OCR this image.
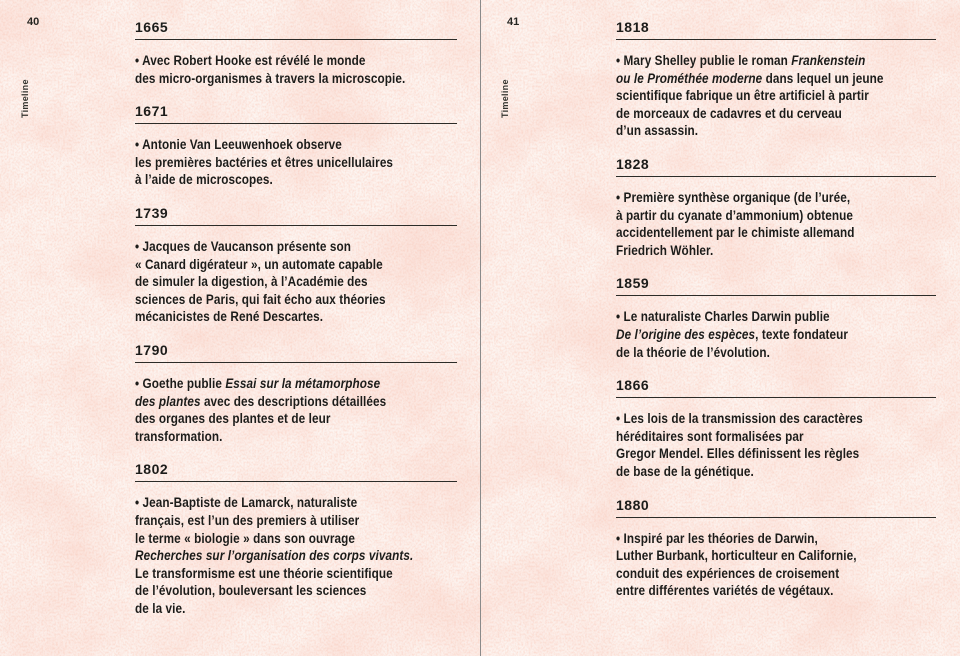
40
Timeline
1665
• Avec Robert Hooke est révélé le monde
des micro-organismes à travers la microscopie.
1671
• Antonie Van Leeuwenhoek observe
les premières bactéries et êtres unicellulaires
à l’aide de microscopes.
1739
• Jacques de Vaucanson présente son
« Canard digérateur », un automate capable
de simuler la digestion, à l’Académie des
sciences de Paris, qui fait écho aux théories
mécanicistes de René Descartes.
1790
• Goethe publie Essai sur la métamorphose
des plantes avec des descriptions détaillées
des organes des plantes et de leur
transformation.
1802
• Jean-Baptiste de Lamarck, naturaliste
français, est l’un des premiers à utiliser
le terme « biologie » dans son ouvrage
Recherches sur l’organisation des corps vivants.
Le transformisme est une théorie scientifique
de l’évolution, bouleversant les sciences
de la vie.
41
Timeline
1818
• Mary Shelley publie le roman Frankenstein
ou le Prométhée moderne dans lequel un jeune
scientifique fabrique un être artificiel à partir
de morceaux de cadavres et du cerveau
d’un assassin.
1828
• Première synthèse organique (de l’urée,
à partir du cyanate d’ammonium) obtenue
accidentellement par le chimiste allemand
Friedrich Wöhler.
1859
• Le naturaliste Charles Darwin publie
De l’origine des espèces, texte fondateur
de la théorie de l’évolution.
1866
• Les lois de la transmission des caractères
héréditaires sont formalisées par
Gregor Mendel. Elles définissent les règles
de base de la génétique.
1880
• Inspiré par les théories de Darwin,
Luther Burbank, horticulteur en Californie,
conduit des expériences de croisement
entre différentes variétés de végétaux.
